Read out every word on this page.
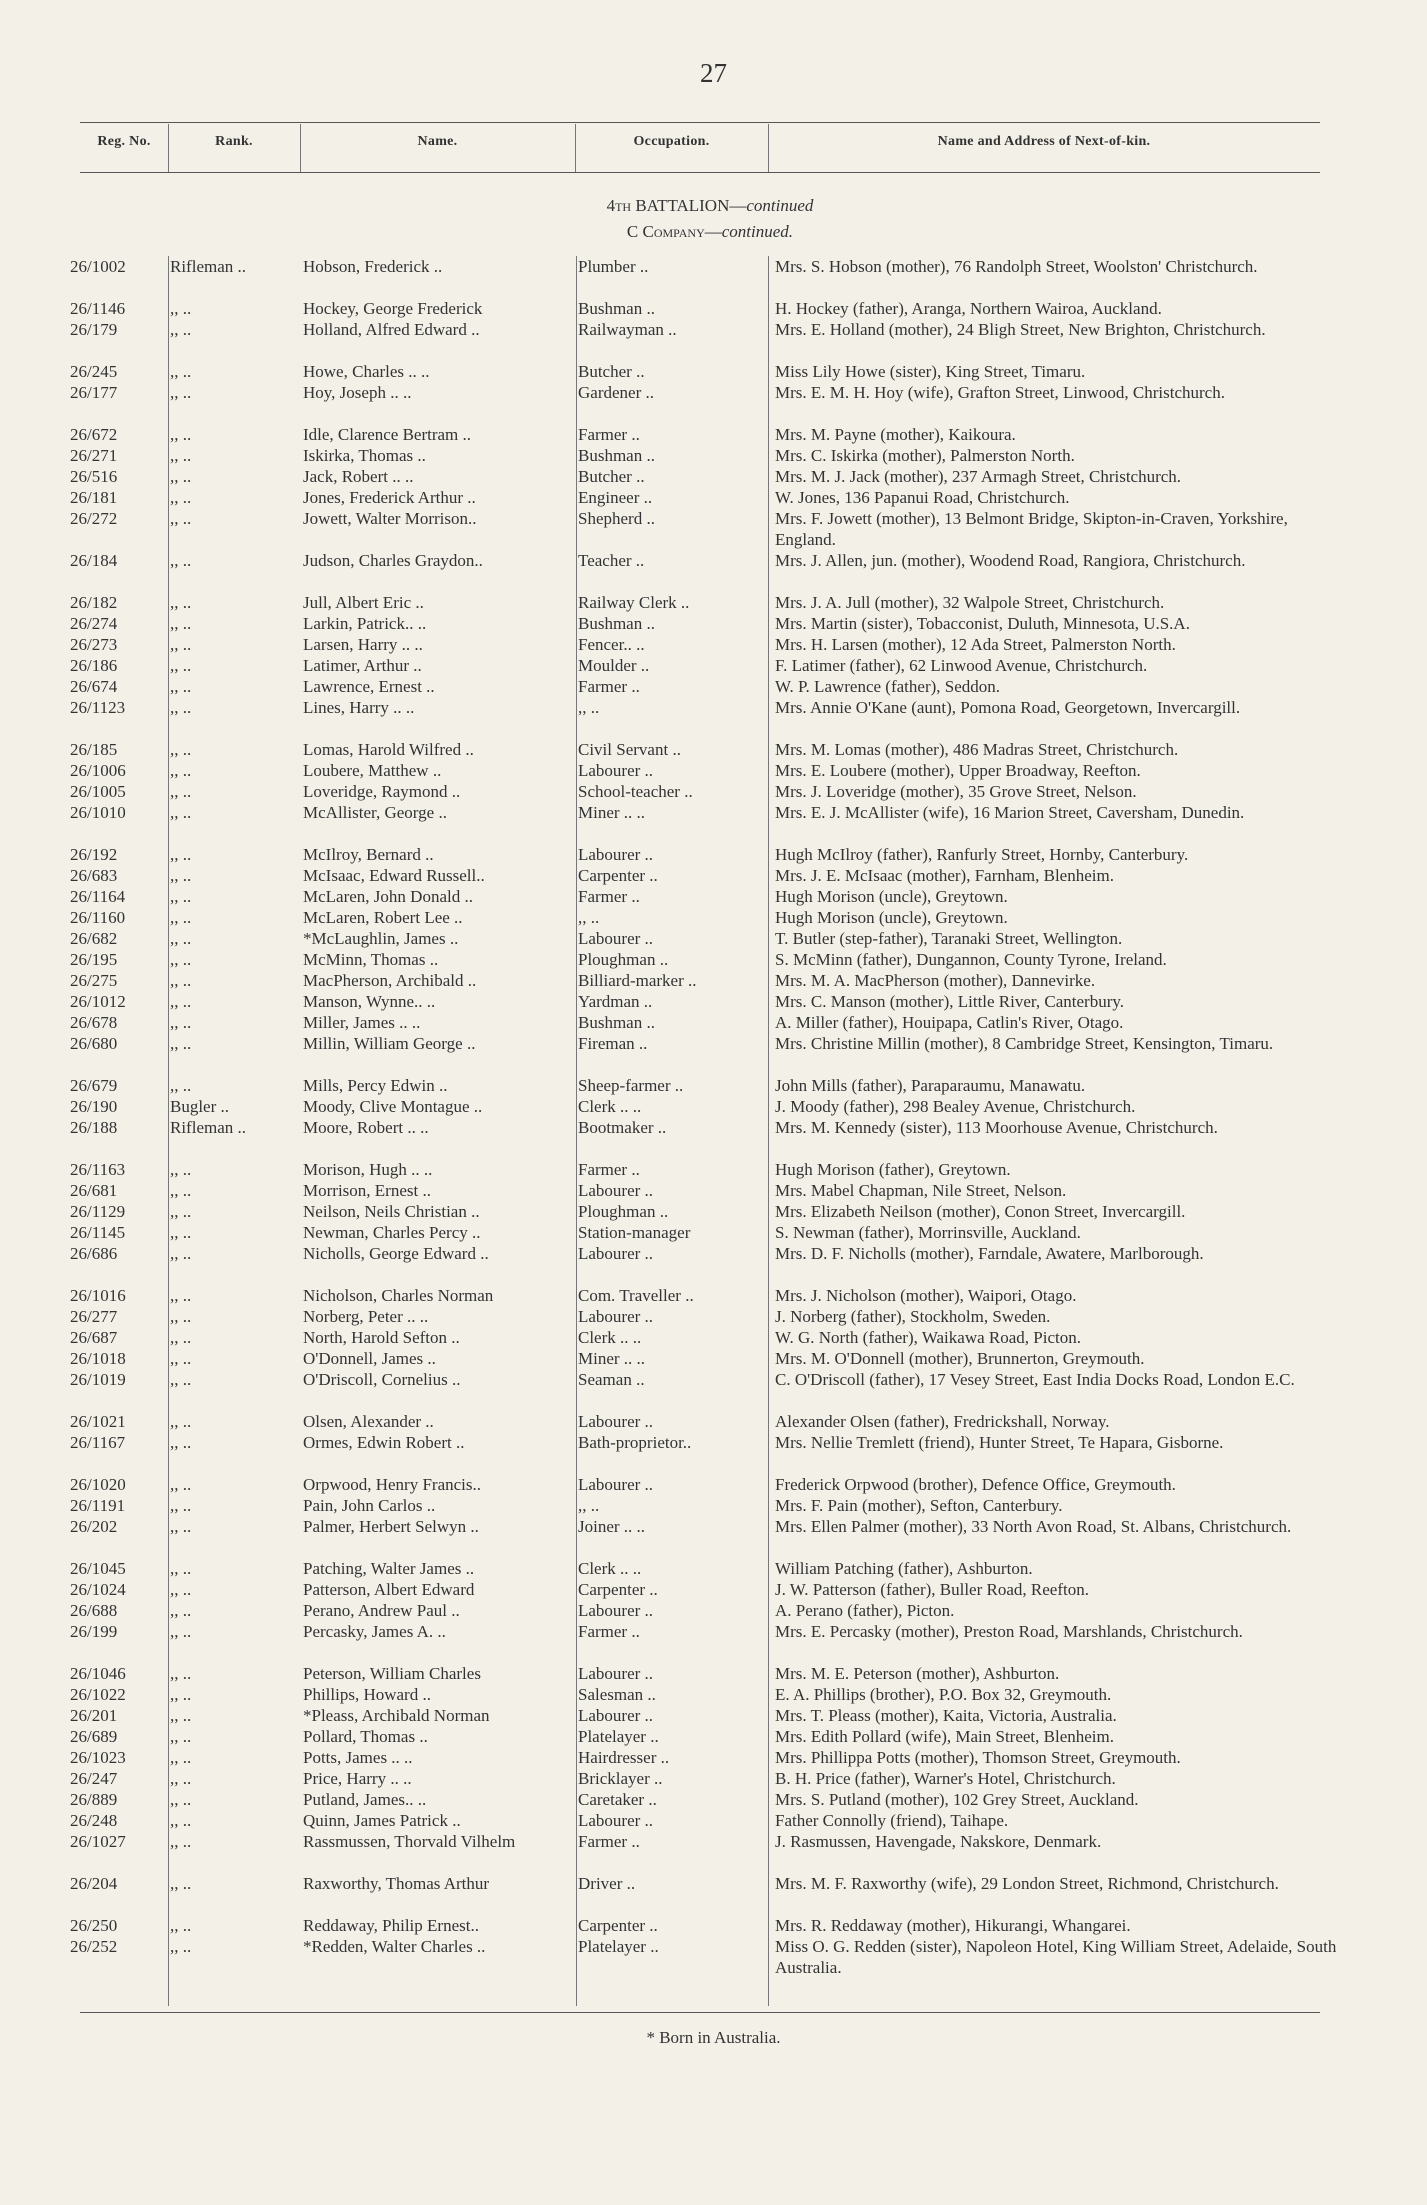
27
Reg. No.	Rank.	Name.	Occupation.	Name and Address of Next-of-kin.
4th BATTALION—continued
C Company—continued.
26/1002	Rifleman ..	Hobson, Frederick ..	Plumber ..	Mrs. S. Hobson (mother), 76 Randolph Street, Woolston' Christchurch.
26/1146	,, ..	Hockey, George Frederick	Bushman ..	H. Hockey (father), Aranga, Northern Wairoa, Auckland.
26/179	,, ..	Holland, Alfred Edward ..	Railwayman ..	Mrs. E. Holland (mother), 24 Bligh Street, New Brighton, Christchurch.
26/245	,, ..	Howe, Charles .. ..	Butcher ..	Miss Lily Howe (sister), King Street, Timaru.
26/177	,, ..	Hoy, Joseph .. ..	Gardener ..	Mrs. E. M. H. Hoy (wife), Grafton Street, Linwood, Christchurch.
26/672	,, ..	Idle, Clarence Bertram ..	Farmer ..	Mrs. M. Payne (mother), Kaikoura.
26/271	,, ..	Iskirka, Thomas ..	Bushman ..	Mrs. C. Iskirka (mother), Palmerston North.
26/516	,, ..	Jack, Robert .. ..	Butcher ..	Mrs. M. J. Jack (mother), 237 Armagh Street, Christchurch.
26/181	,, ..	Jones, Frederick Arthur ..	Engineer ..	W. Jones, 136 Papanui Road, Christchurch.
26/272	,, ..	Jowett, Walter Morrison..	Shepherd ..	Mrs. F. Jowett (mother), 13 Belmont Bridge, Skipton-in-Craven, Yorkshire, England.
26/184	,, ..	Judson, Charles Graydon..	Teacher ..	Mrs. J. Allen, jun. (mother), Woodend Road, Rangiora, Christchurch.
26/182	,, ..	Jull, Albert Eric ..	Railway Clerk ..	Mrs. J. A. Jull (mother), 32 Walpole Street, Christchurch.
26/274	,, ..	Larkin, Patrick.. ..	Bushman ..	Mrs. Martin (sister), Tobacconist, Duluth, Minnesota, U.S.A.
26/273	,, ..	Larsen, Harry .. ..	Fencer.. ..	Mrs. H. Larsen (mother), 12 Ada Street, Palmerston North.
26/186	,, ..	Latimer, Arthur ..	Moulder ..	F. Latimer (father), 62 Linwood Avenue, Christchurch.
26/674	,, ..	Lawrence, Ernest ..	Farmer ..	W. P. Lawrence (father), Seddon.
26/1123	,, ..	Lines, Harry .. ..	,, ..	Mrs. Annie O'Kane (aunt), Pomona Road, Georgetown, Invercargill.
26/185	,, ..	Lomas, Harold Wilfred ..	Civil Servant ..	Mrs. M. Lomas (mother), 486 Madras Street, Christchurch.
26/1006	,, ..	Loubere, Matthew ..	Labourer ..	Mrs. E. Loubere (mother), Upper Broadway, Reefton.
26/1005	,, ..	Loveridge, Raymond ..	School-teacher ..	Mrs. J. Loveridge (mother), 35 Grove Street, Nelson.
26/1010	,, ..	McAllister, George ..	Miner .. ..	Mrs. E. J. McAllister (wife), 16 Marion Street, Caversham, Dunedin.
26/192	,, ..	McIlroy, Bernard ..	Labourer ..	Hugh McIlroy (father), Ranfurly Street, Hornby, Canterbury.
26/683	,, ..	McIsaac, Edward Russell..	Carpenter ..	Mrs. J. E. McIsaac (mother), Farnham, Blenheim.
26/1164	,, ..	McLaren, John Donald ..	Farmer ..	Hugh Morison (uncle), Greytown.
26/1160	,, ..	McLaren, Robert Lee ..	,, ..	Hugh Morison (uncle), Greytown.
26/682	,, ..	*McLaughlin, James ..	Labourer ..	T. Butler (step-father), Taranaki Street, Wellington.
26/195	,, ..	McMinn, Thomas ..	Ploughman ..	S. McMinn (father), Dungannon, County Tyrone, Ireland.
26/275	,, ..	MacPherson, Archibald ..	Billiard-marker ..	Mrs. M. A. MacPherson (mother), Dannevirke.
26/1012	,, ..	Manson, Wynne.. ..	Yardman ..	Mrs. C. Manson (mother), Little River, Canterbury.
26/678	,, ..	Miller, James .. ..	Bushman ..	A. Miller (father), Houipapa, Catlin's River, Otago.
26/680	,, ..	Millin, William George ..	Fireman ..	Mrs. Christine Millin (mother), 8 Cambridge Street, Kensington, Timaru.
26/679	,, ..	Mills, Percy Edwin ..	Sheep-farmer ..	John Mills (father), Paraparaumu, Manawatu.
26/190	Bugler ..	Moody, Clive Montague ..	Clerk .. ..	J. Moody (father), 298 Bealey Avenue, Christchurch.
26/188	Rifleman ..	Moore, Robert .. ..	Bootmaker ..	Mrs. M. Kennedy (sister), 113 Moorhouse Avenue, Christchurch.
26/1163	,, ..	Morison, Hugh .. ..	Farmer ..	Hugh Morison (father), Greytown.
26/681	,, ..	Morrison, Ernest ..	Labourer ..	Mrs. Mabel Chapman, Nile Street, Nelson.
26/1129	,, ..	Neilson, Neils Christian ..	Ploughman ..	Mrs. Elizabeth Neilson (mother), Conon Street, Invercargill.
26/1145	,, ..	Newman, Charles Percy ..	Station-manager	S. Newman (father), Morrinsville, Auckland.
26/686	,, ..	Nicholls, George Edward ..	Labourer ..	Mrs. D. F. Nicholls (mother), Farndale, Awatere, Marlborough.
26/1016	,, ..	Nicholson, Charles Norman	Com. Traveller ..	Mrs. J. Nicholson (mother), Waipori, Otago.
26/277	,, ..	Norberg, Peter .. ..	Labourer ..	J. Norberg (father), Stockholm, Sweden.
26/687	,, ..	North, Harold Sefton ..	Clerk .. ..	W. G. North (father), Waikawa Road, Picton.
26/1018	,, ..	O'Donnell, James ..	Miner .. ..	Mrs. M. O'Donnell (mother), Brunnerton, Greymouth.
26/1019	,, ..	O'Driscoll, Cornelius ..	Seaman ..	C. O'Driscoll (father), 17 Vesey Street, East India Docks Road, London E.C.
26/1021	,, ..	Olsen, Alexander ..	Labourer ..	Alexander Olsen (father), Fredrickshall, Norway.
26/1167	,, ..	Ormes, Edwin Robert ..	Bath-proprietor..	Mrs. Nellie Tremlett (friend), Hunter Street, Te Hapara, Gisborne.
26/1020	,, ..	Orpwood, Henry Francis..	Labourer ..	Frederick Orpwood (brother), Defence Office, Greymouth.
26/1191	,, ..	Pain, John Carlos ..	,, ..	Mrs. F. Pain (mother), Sefton, Canterbury.
26/202	,, ..	Palmer, Herbert Selwyn ..	Joiner .. ..	Mrs. Ellen Palmer (mother), 33 North Avon Road, St. Albans, Christchurch.
26/1045	,, ..	Patching, Walter James ..	Clerk .. ..	William Patching (father), Ashburton.
26/1024	,, ..	Patterson, Albert Edward	Carpenter ..	J. W. Patterson (father), Buller Road, Reefton.
26/688	,, ..	Perano, Andrew Paul ..	Labourer ..	A. Perano (father), Picton.
26/199	,, ..	Percasky, James A. ..	Farmer ..	Mrs. E. Percasky (mother), Preston Road, Marshlands, Christchurch.
26/1046	,, ..	Peterson, William Charles	Labourer ..	Mrs. M. E. Peterson (mother), Ashburton.
26/1022	,, ..	Phillips, Howard ..	Salesman ..	E. A. Phillips (brother), P.O. Box 32, Greymouth.
26/201	,, ..	*Pleass, Archibald Norman	Labourer ..	Mrs. T. Pleass (mother), Kaita, Victoria, Australia.
26/689	,, ..	Pollard, Thomas ..	Platelayer ..	Mrs. Edith Pollard (wife), Main Street, Blenheim.
26/1023	,, ..	Potts, James .. ..	Hairdresser ..	Mrs. Phillippa Potts (mother), Thomson Street, Greymouth.
26/247	,, ..	Price, Harry .. ..	Bricklayer ..	B. H. Price (father), Warner's Hotel, Christchurch.
26/889	,, ..	Putland, James.. ..	Caretaker ..	Mrs. S. Putland (mother), 102 Grey Street, Auckland.
26/248	,, ..	Quinn, James Patrick ..	Labourer ..	Father Connolly (friend), Taihape.
26/1027	,, ..	Rassmussen, Thorvald Vilhelm	Farmer ..	J. Rasmussen, Havengade, Nakskore, Denmark.
26/204	,, ..	Raxworthy, Thomas Arthur	Driver ..	Mrs. M. F. Raxworthy (wife), 29 London Street, Richmond, Christchurch.
26/250	,, ..	Reddaway, Philip Ernest..	Carpenter ..	Mrs. R. Reddaway (mother), Hikurangi, Whangarei.
26/252	,, ..	*Redden, Walter Charles ..	Platelayer ..	Miss O. G. Redden (sister), Napoleon Hotel, King William Street, Adelaide, South Australia.
* Born in Australia.
